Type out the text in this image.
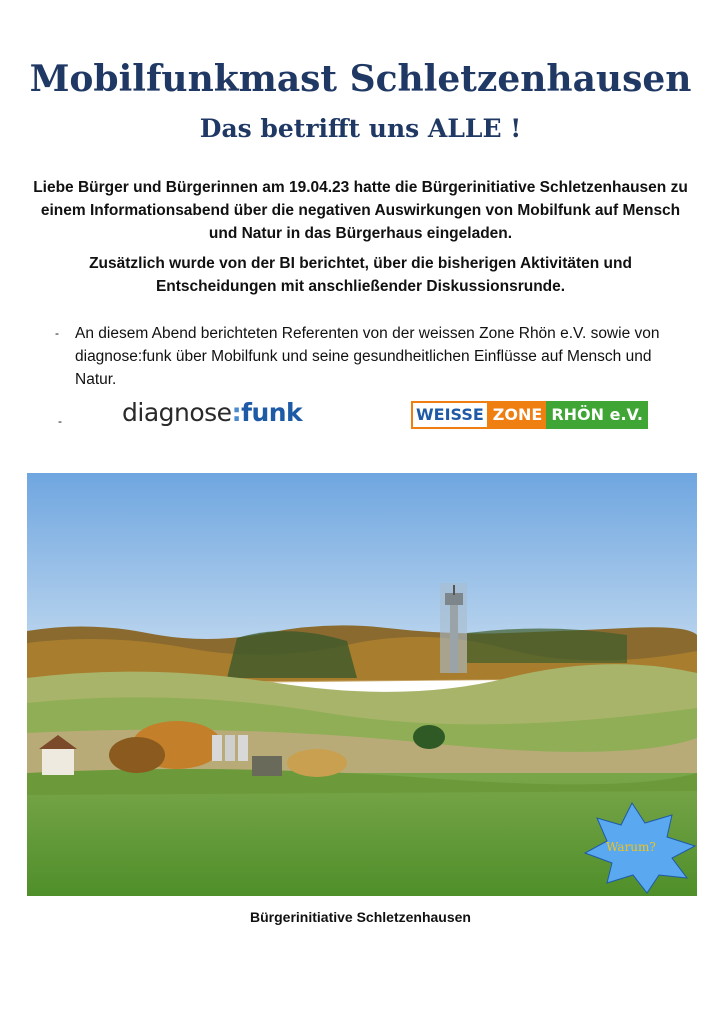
Mobilfunkmast Schletzenhausen
Das betrifft uns ALLE !

Liebe Bürger und Bürgerinnen am 19.04.23 hatte die Bürgerinitiative Schletzenhausen zu einem Informationsabend über die negativen Auswirkungen von Mobilfunk auf Mensch und Natur in das Bürgerhaus eingeladen.

Zusätzlich wurde von der BI berichtet, über die bisherigen Aktivitäten und Entscheidungen mit anschließender Diskussionsrunde.

- An diesem Abend berichteten Referenten von der weissen Zone Rhön e.V. sowie von diagnose:funk über Mobilfunk und seine gesundheitlichen Einflüsse auf Mensch und Natur.

- diagnose:funk	WEISSE ZONE RHÖN e.V.
Warum?

Bürgerinitiative Schletzenhausen
